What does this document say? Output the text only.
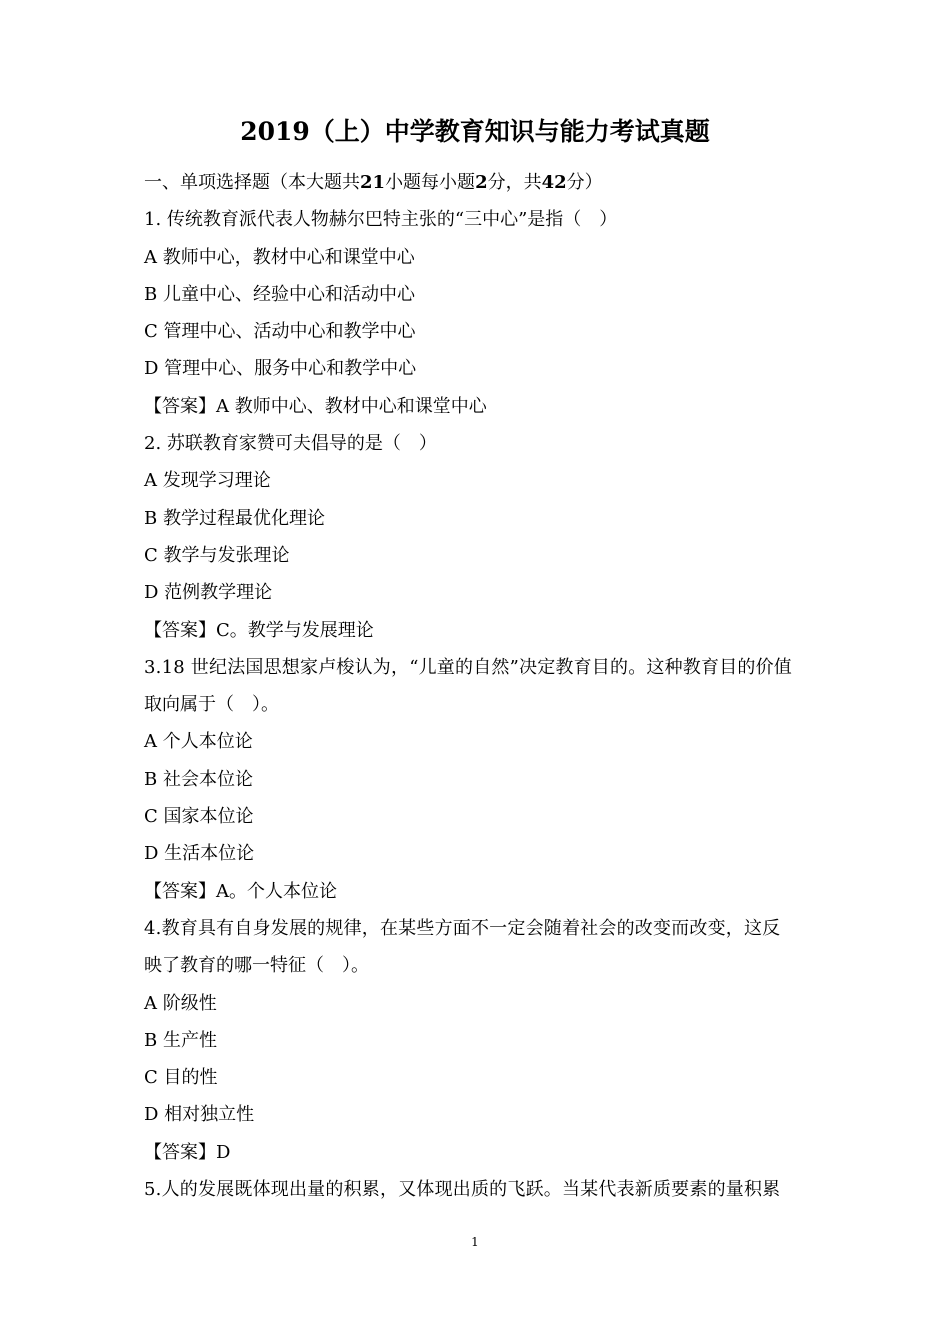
2019（上）中学教育知识与能力考试真题
一、单项选择题（本大题共21小题每小题2分，共42分）
1. 传统教育派代表人物赫尔巴特主张的“三中心”是指（　）
A 教师中心，教材中心和课堂中心
B 儿童中心、经验中心和活动中心
C 管理中心、活动中心和教学中心
D 管理中心、服务中心和教学中心
【答案】A 教师中心、教材中心和课堂中心
2. 苏联教育家赞可夫倡导的是（　）
A 发现学习理论
B 教学过程最优化理论
C 教学与发张理论
D 范例教学理论
【答案】C。教学与发展理论
3.18 世纪法国思想家卢梭认为，“儿童的自然”决定教育目的。这种教育目的价值
取向属于（　）。
A 个人本位论
B 社会本位论
C 国家本位论
D 生活本位论
【答案】A。个人本位论
4.教育具有自身发展的规律，在某些方面不一定会随着社会的改变而改变，这反
映了教育的哪一特征（　）。
A 阶级性
B 生产性
C 目的性
D 相对独立性
【答案】D
5.人的发展既体现出量的积累，又体现出质的飞跃。当某代表新质要素的量积累
1
